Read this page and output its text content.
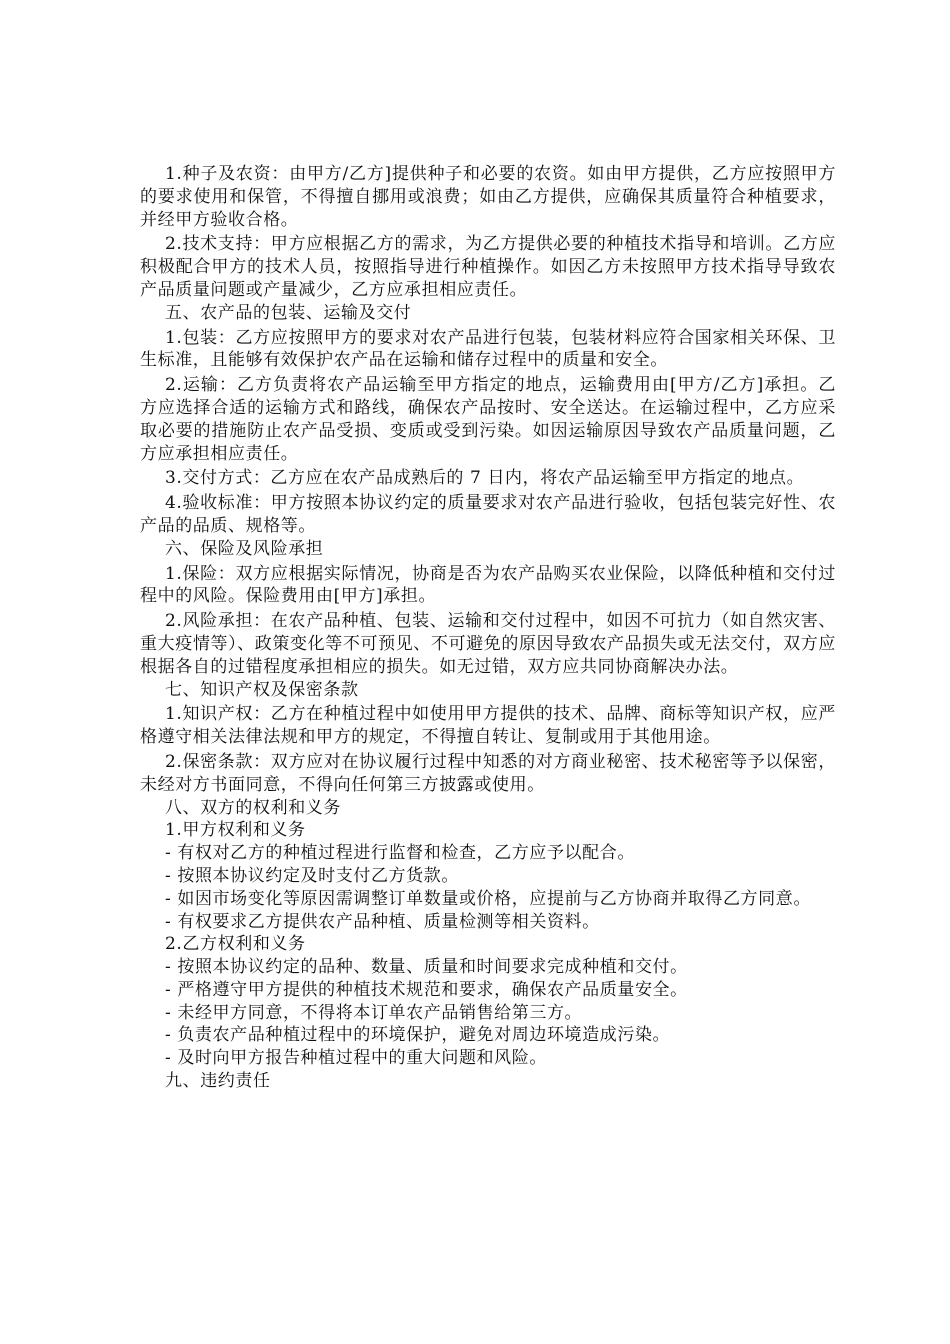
1.种子及农资：由甲方/乙方]提供种子和必要的农资。如由甲方提供，乙方应按照甲方的要求使用和保管，不得擅自挪用或浪费；如由乙方提供，应确保其质量符合种植要求，并经甲方验收合格。

2.技术支持：甲方应根据乙方的需求，为乙方提供必要的种植技术指导和培训。乙方应积极配合甲方的技术人员，按照指导进行种植操作。如因乙方未按照甲方技术指导导致农产品质量问题或产量减少，乙方应承担相应责任。

五、农产品的包装、运输及交付

1.包装：乙方应按照甲方的要求对农产品进行包装，包装材料应符合国家相关环保、卫生标准，且能够有效保护农产品在运输和储存过程中的质量和安全。

2.运输：乙方负责将农产品运输至甲方指定的地点，运输费用由[甲方/乙方]承担。乙方应选择合适的运输方式和路线，确保农产品按时、安全送达。在运输过程中，乙方应采取必要的措施防止农产品受损、变质或受到污染。如因运输原因导致农产品质量问题，乙方应承担相应责任。

3.交付方式：乙方应在农产品成熟后的 7 日内，将农产品运输至甲方指定的地点。

4.验收标准：甲方按照本协议约定的质量要求对农产品进行验收，包括包装完好性、农产品的品质、规格等。

六、保险及风险承担

1.保险：双方应根据实际情况，协商是否为农产品购买农业保险，以降低种植和交付过程中的风险。保险费用由[甲方]承担。

2.风险承担：在农产品种植、包装、运输和交付过程中，如因不可抗力（如自然灾害、重大疫情等）、政策变化等不可预见、不可避免的原因导致农产品损失或无法交付，双方应根据各自的过错程度承担相应的损失。如无过错，双方应共同协商解决办法。

七、知识产权及保密条款

1.知识产权：乙方在种植过程中如使用甲方提供的技术、品牌、商标等知识产权，应严格遵守相关法律法规和甲方的规定，不得擅自转让、复制或用于其他用途。

2.保密条款：双方应对在协议履行过程中知悉的对方商业秘密、技术秘密等予以保密，未经对方书面同意，不得向任何第三方披露或使用。

八、双方的权利和义务

1.甲方权利和义务

- 有权对乙方的种植过程进行监督和检查，乙方应予以配合。

- 按照本协议约定及时支付乙方货款。

- 如因市场变化等原因需调整订单数量或价格，应提前与乙方协商并取得乙方同意。

- 有权要求乙方提供农产品种植、质量检测等相关资料。

2.乙方权利和义务

- 按照本协议约定的品种、数量、质量和时间要求完成种植和交付。

- 严格遵守甲方提供的种植技术规范和要求，确保农产品质量安全。

- 未经甲方同意，不得将本订单农产品销售给第三方。

- 负责农产品种植过程中的环境保护，避免对周边环境造成污染。

- 及时向甲方报告种植过程中的重大问题和风险。

九、违约责任
